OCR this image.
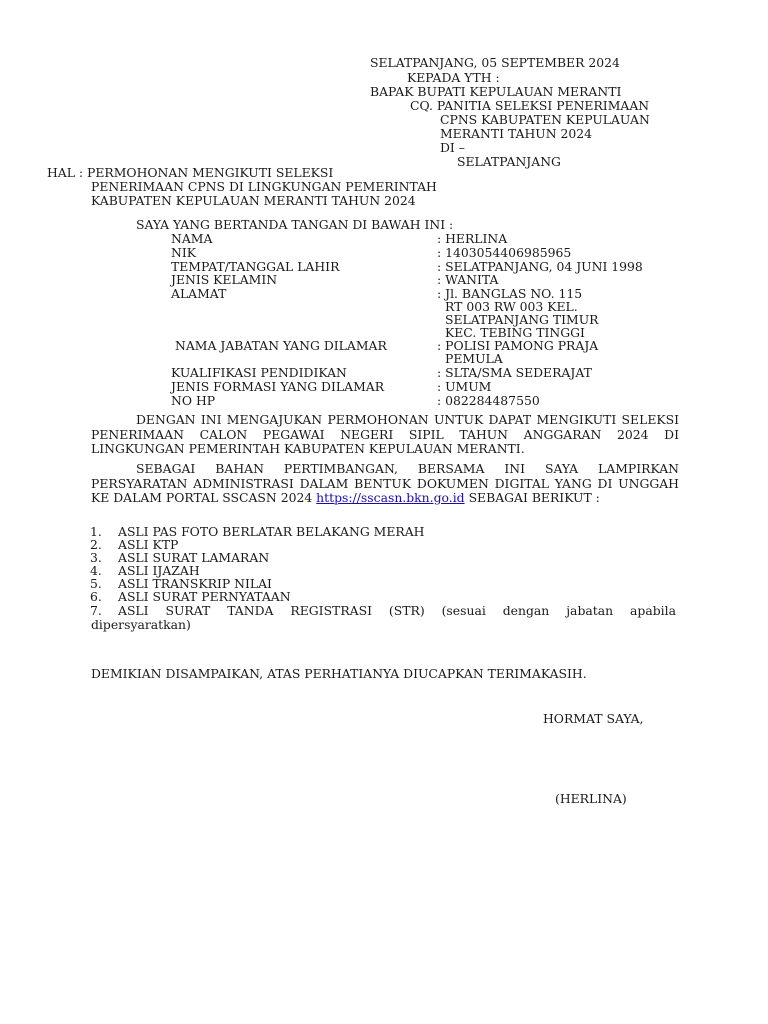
SELATPANJANG, 05 SEPTEMBER 2024
KEPADA YTH :
BAPAK BUPATI KEPULAUAN MERANTI
CQ. PANITIA SELEKSI PENERIMAAN
CPNS KABUPATEN KEPULAUAN
MERANTI TAHUN 2024
DI –
SELATPANJANG
HAL : PERMOHONAN MENGIKUTI SELEKSI
PENERIMAAN CPNS DI LINGKUNGAN PEMERINTAH
KABUPATEN KEPULAUAN MERANTI TAHUN 2024
SAYA YANG BERTANDA TANGAN DI BAWAH INI :
NAMA	: HERLINA
NIK	: 1403054406985965
TEMPAT/TANGGAL LAHIR	: SELATPANJANG, 04 JUNI 1998
JENIS KELAMIN	: WANITA
ALAMAT	: Jl. BANGLAS NO. 115
RT 003 RW 003 KEL.
SELATPANJANG TIMUR
KEC. TEBING TINGGI
NAMA JABATAN YANG DILAMAR	: POLISI PAMONG PRAJA
PEMULA
KUALIFIKASI PENDIDIKAN	: SLTA/SMA SEDERAJAT
JENIS FORMASI YANG DILAMAR	: UMUM
NO HP	: 082284487550
DENGAN INI MENGAJUKAN PERMOHONAN UNTUK DAPAT MENGIKUTI SELEKSI PENERIMAAN CALON PEGAWAI NEGERI SIPIL TAHUN ANGGARAN 2024 DI LINGKUNGAN PEMERINTAH KABUPATEN KEPULAUAN MERANTI.
SEBAGAI BAHAN PERTIMBANGAN, BERSAMA INI SAYA LAMPIRKAN PERSYARATAN ADMINISTRASI DALAM BENTUK DOKUMEN DIGITAL YANG DI UNGGAH KE DALAM PORTAL SSCASN 2024 https://sscasn.bkn.go.id SEBAGAI BERIKUT :
1. ASLI PAS FOTO BERLATAR BELAKANG MERAH
2. ASLI KTP
3. ASLI SURAT LAMARAN
4. ASLI IJAZAH
5. ASLI TRANSKRIP NILAI
6. ASLI SURAT PERNYATAAN
7. ASLI SURAT TANDA REGISTRASI (STR) (sesuai dengan jabatan apabila
dipersyaratkan)
DEMIKIAN DISAMPAIKAN, ATAS PERHATIANYA DIUCAPKAN TERIMAKASIH.
HORMAT SAYA,
(HERLINA)
